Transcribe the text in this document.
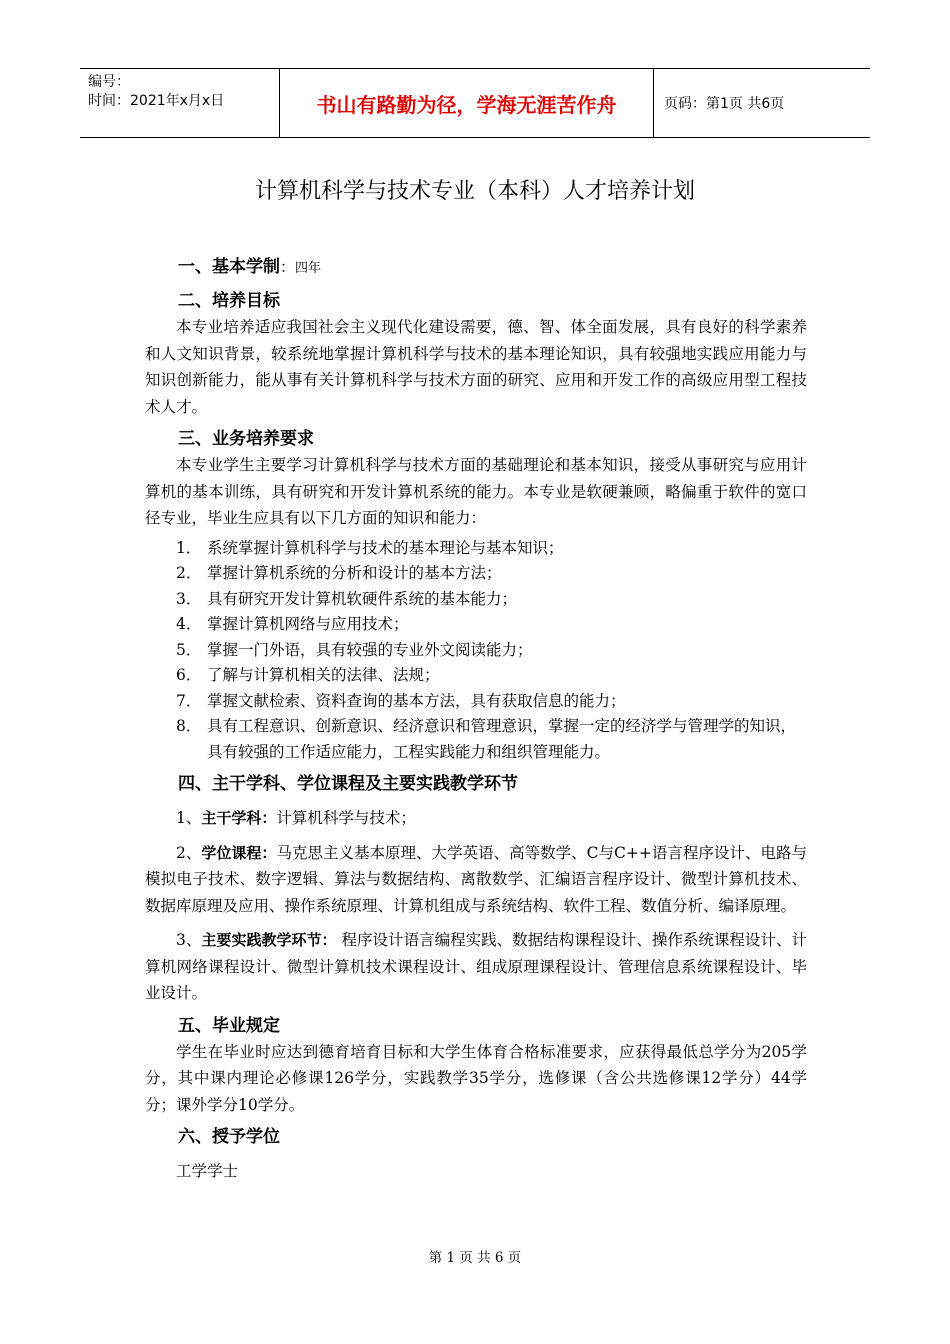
编号：
时间：2021年x月x日	书山有路勤为径，学海无涯苦作舟	页码：第1页 共6页
计算机科学与技术专业（本科）人才培养计划
一、基本学制：四年
二、培养目标

本专业培养适应我国社会主义现代化建设需要，德、智、体全面发展，具有良好的科学素养和人文知识背景，较系统地掌握计算机科学与技术的基本理论知识，具有较强地实践应用能力与知识创新能力，能从事有关计算机科学与技术方面的研究、应用和开发工作的高级应用型工程技术人才。

三、业务培养要求

本专业学生主要学习计算机科学与技术方面的基础理论和基本知识，接受从事研究与应用计算机的基本训练，具有研究和开发计算机系统的能力。本专业是软硬兼顾，略偏重于软件的宽口径专业，毕业生应具有以下几方面的知识和能力：

1． 系统掌握计算机科学与技术的基本理论与基本知识；
2． 掌握计算机系统的分析和设计的基本方法；
3． 具有研究开发计算机软硬件系统的基本能力；
4． 掌握计算机网络与应用技术；
5． 掌握一门外语，具有较强的专业外文阅读能力；
6． 了解与计算机相关的法律、法规；
7． 掌握文献检索、资料查询的基本方法，具有获取信息的能力；
8． 具有工程意识、创新意识、经济意识和管理意识，掌握一定的经济学与管理学的知识，具有较强的工作适应能力，工程实践能力和组织管理能力。
四、主干学科、学位课程及主要实践教学环节

1、主干学科：计算机科学与技术；

2、学位课程：马克思主义基本原理、大学英语、高等数学、C与C++语言程序设计、电路与模拟电子技术、数字逻辑、算法与数据结构、离散数学、汇编语言程序设计、微型计算机技术、数据库原理及应用、操作系统原理、计算机组成与系统结构、软件工程、数值分析、编译原理。

3、主要实践教学环节： 程序设计语言编程实践、数据结构课程设计、操作系统课程设计、计算机网络课程设计、微型计算机技术课程设计、组成原理课程设计、管理信息系统课程设计、毕业设计。

五、毕业规定

学生在毕业时应达到德育培育目标和大学生体育合格标准要求，应获得最低总学分为205学分，其中课内理论必修课126学分，实践教学35学分，选修课（含公共选修课12学分）44学分；课外学分10学分。

六、授予学位

工学学士

第 1 页 共 6 页
